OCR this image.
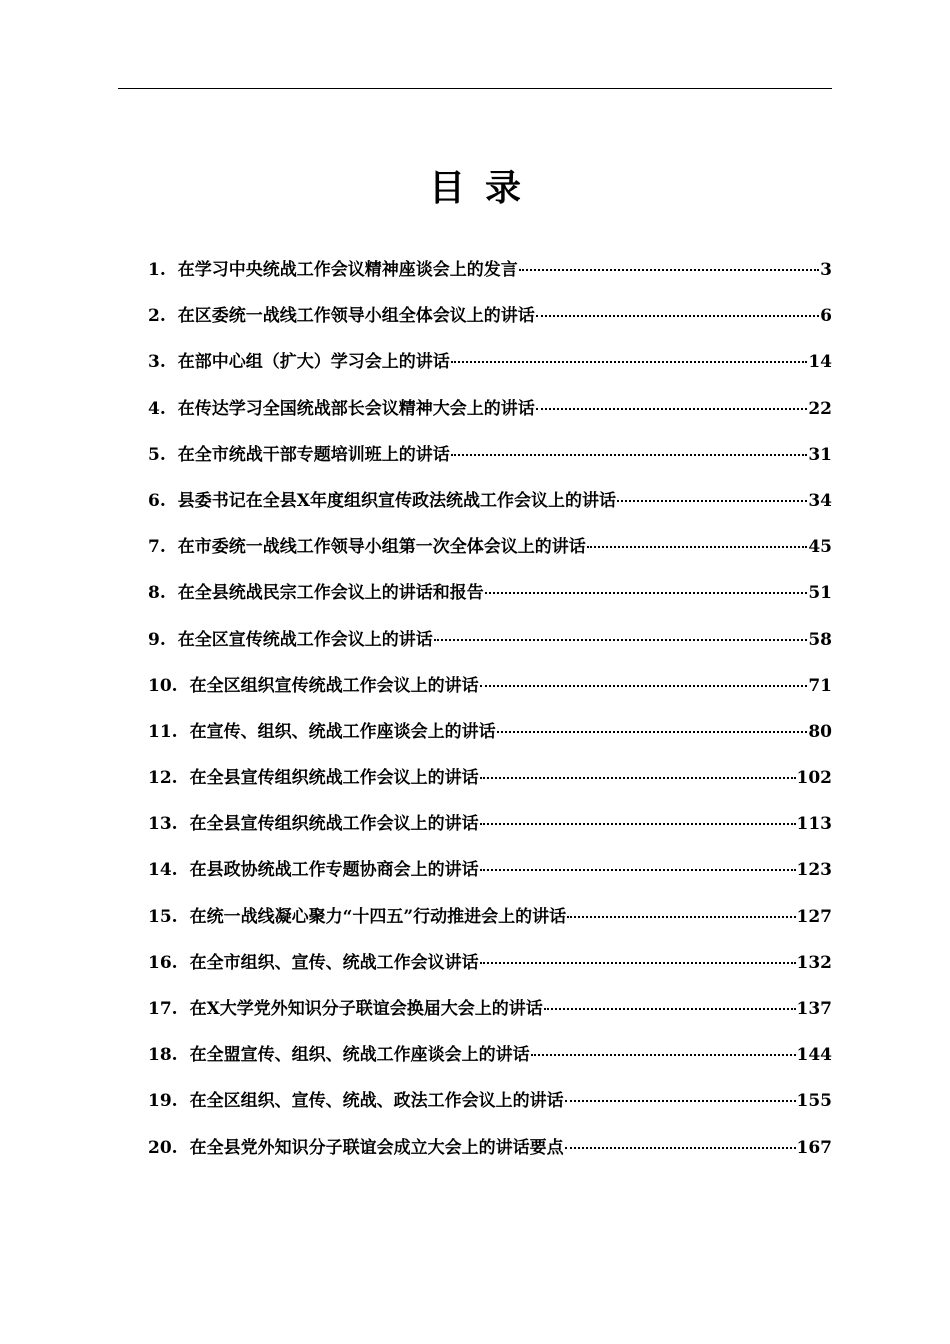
目录
1. 在学习中央统战工作会议精神座谈会上的发言	3
2. 在区委统一战线工作领导小组全体会议上的讲话	6
3. 在部中心组（扩大）学习会上的讲话	14
4. 在传达学习全国统战部长会议精神大会上的讲话	22
5. 在全市统战干部专题培训班上的讲话	31
6. 县委书记在全县X年度组织宣传政法统战工作会议上的讲话	34
7. 在市委统一战线工作领导小组第一次全体会议上的讲话	45
8. 在全县统战民宗工作会议上的讲话和报告	51
9. 在全区宣传统战工作会议上的讲话	58
10. 在全区组织宣传统战工作会议上的讲话	71
11. 在宣传、组织、统战工作座谈会上的讲话	80
12. 在全县宣传组织统战工作会议上的讲话	102
13. 在全县宣传组织统战工作会议上的讲话	113
14. 在县政协统战工作专题协商会上的讲话	123
15. 在统一战线凝心聚力“十四五”行动推进会上的讲话	127
16. 在全市组织、宣传、统战工作会议讲话	132
17. 在X大学党外知识分子联谊会换届大会上的讲话	137
18. 在全盟宣传、组织、统战工作座谈会上的讲话	144
19. 在全区组织、宣传、统战、政法工作会议上的讲话	155
20. 在全县党外知识分子联谊会成立大会上的讲话要点	167
